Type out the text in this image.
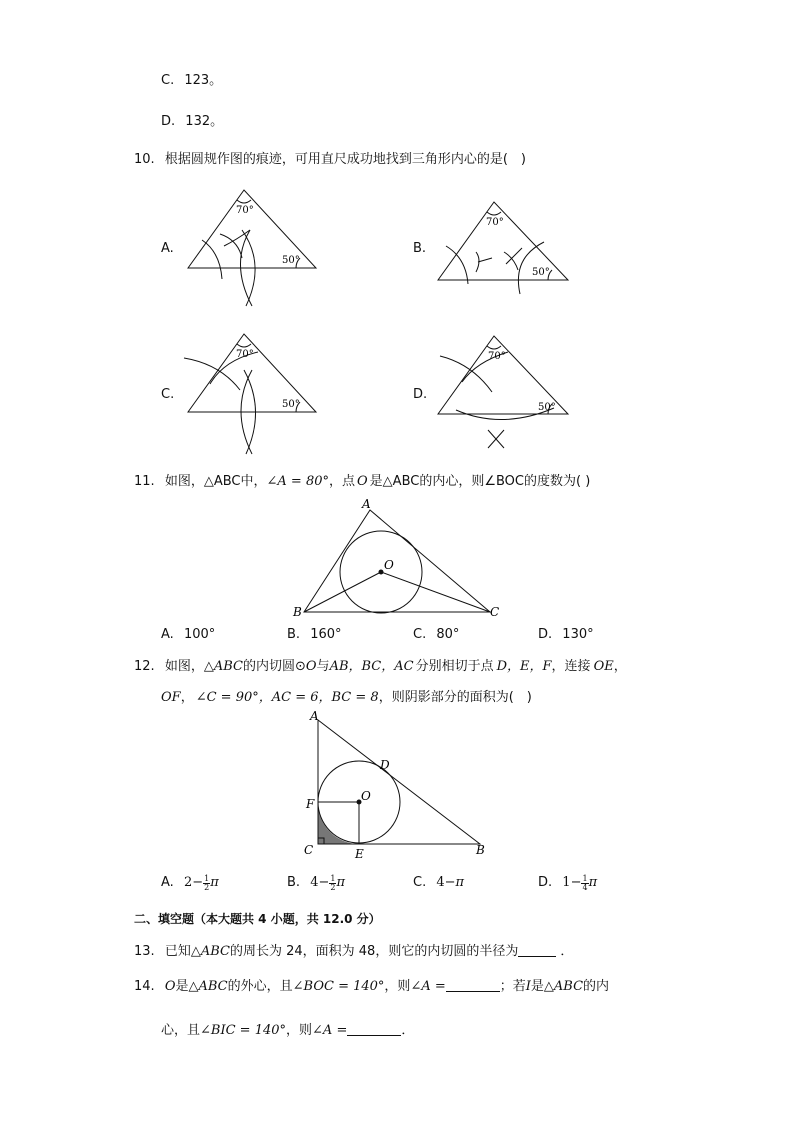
C. 123。
D. 132。
10. 根据圆规作图的痕迹，可用直尺成功地找到三角形内心的是(　)
A.	B.
C.	D.
70°
50°
70°
50°
70°
50°
70°
50°
11. 如图，△ABC中，∠A = 80°，点 O 是△ABC的内心，则∠BOC的度数为( )
A
B	C
O
A. 100°	B. 160°	C. 80°	D. 130°
12. 如图，△ABC的内切圆⊙O与AB，BC，AC 分别相切于点 D，E，F，连接 OE，
OF， ∠C = 90°，AC = 6，BC = 8，则阴影部分的面积为(　)
A
D
O
F
C	E	B
A. $2- \frac{1}{2}$ π	B. $4- \frac{1}{2}$ π	C. 4−π	D. $1- \frac{1}{4}$ π
二、填空题（本大题共 4 小题，共 12.0 分）
13. 已知△ABC的周长为 24，面积为 48，则它的内切圆的半径为	．
14. O是△ABC的外心，且∠BOC = 140°，则∠A =	；若I是△ABC的内
心，且∠BIC = 140°，则∠A =	．
